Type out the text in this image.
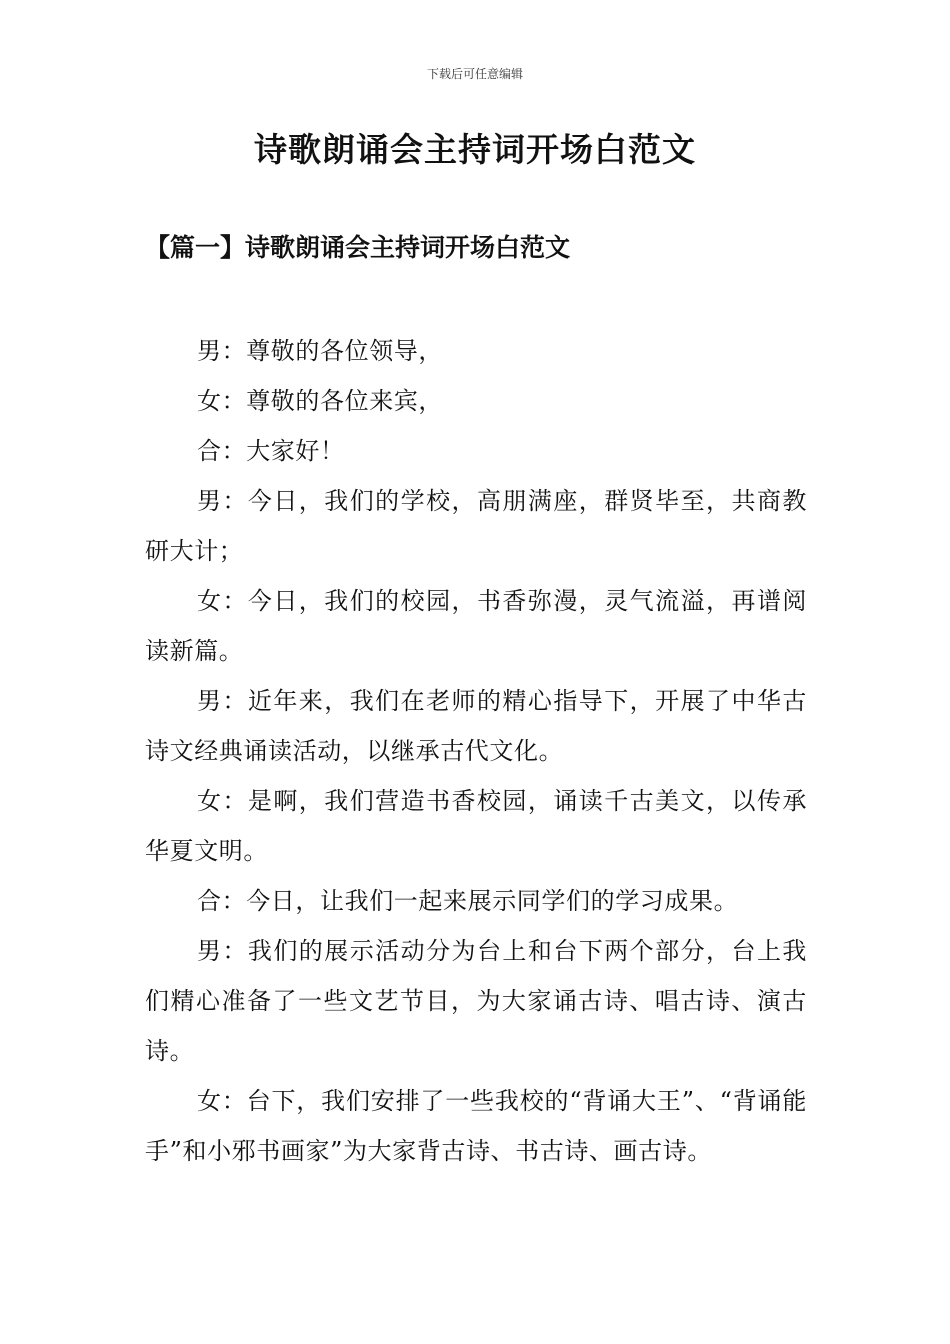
下载后可任意编辑
诗歌朗诵会主持词开场白范文
【篇一】诗歌朗诵会主持词开场白范文

男：尊敬的各位领导，

女：尊敬的各位来宾，

合：大家好！

男：今日，我们的学校，高朋满座，群贤毕至，共商教研大计；

女：今日，我们的校园，书香弥漫，灵气流溢，再谱阅读新篇。

男：近年来，我们在老师的精心指导下，开展了中华古诗文经典诵读活动，以继承古代文化。

女：是啊，我们营造书香校园，诵读千古美文，以传承华夏文明。

合：今日，让我们一起来展示同学们的学习成果。

男：我们的展示活动分为台上和台下两个部分，台上我们精心准备了一些文艺节目，为大家诵古诗、唱古诗、演古诗。

女：台下，我们安排了一些我校的“背诵大王”、“背诵能手”和小邪书画家”为大家背古诗、书古诗、画古诗。
